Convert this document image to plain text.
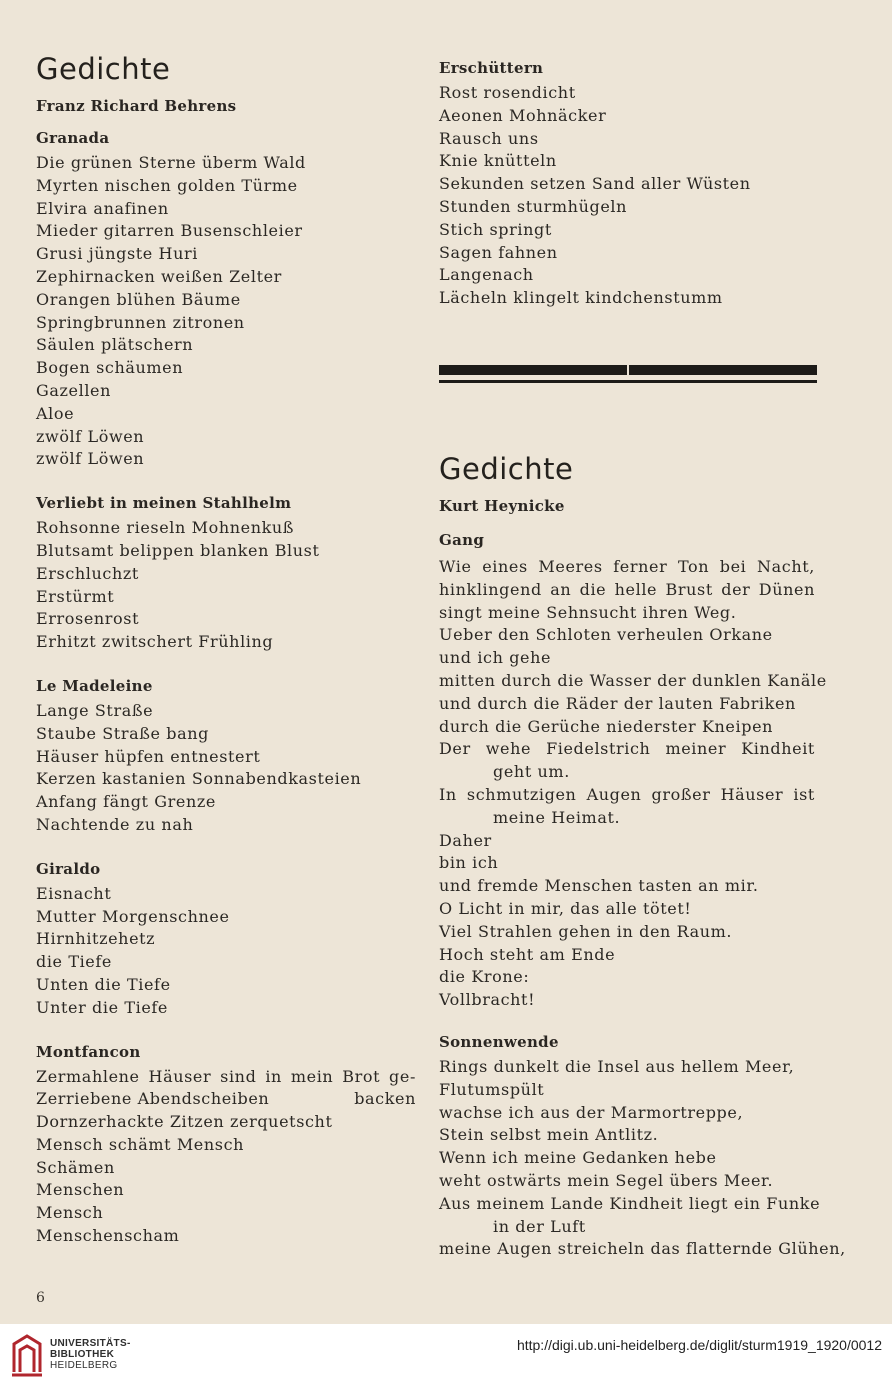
Gedichte
Franz Richard Behrens
Granada
Die grünen Sterne überm Wald
Myrten nischen golden Türme
Elvira anafinen
Mieder gitarren Busenschleier
Grusi jüngste Huri
Zephirnacken weißen Zelter
Orangen blühen Bäume
Springbrunnen zitronen
Säulen plätschern
Bogen schäumen
Gazellen
Aloe
zwölf Löwen
zwölf Löwen
Verliebt in meinen Stahlhelm
Rohsonne rieseln Mohnenkuß
Blutsamt belippen blanken Blust
Erschluchzt
Erstürmt
Errosenrost
Erhitzt zwitschert Frühling
Le Madeleine
Lange Straße
Staube Straße bang
Häuser hüpfen entnestert
Kerzen kastanien Sonnabendkasteien
Anfang fängt Grenze
Nachtende zu nah
Giraldo
Eisnacht
Mutter Morgenschnee
Hirnhitzehetz
die Tiefe
Unten die Tiefe
Unter die Tiefe
Montfancon
Zermahlene Häuser sind in mein Brot ge-
Zerriebene Abendscheiben	backen
Dornzerhackte Zitzen zerquetscht
Mensch schämt Mensch
Schämen
Menschen
Mensch
Menschenscham
Erschüttern
Rost rosendicht
Aeonen Mohnäcker
Rausch uns
Knie knütteln
Sekunden setzen Sand aller Wüsten
Stunden sturmhügeln
Stich springt
Sagen fahnen
Langenach
Lächeln klingelt kindchenstumm
Gedichte
Kurt Heynicke
Gang
Wie eines Meeres ferner Ton bei Nacht,
hinklingend an die helle Brust der Dünen
singt meine Sehnsucht ihren Weg.
Ueber den Schloten verheulen Orkane
und ich gehe
mitten durch die Wasser der dunklen Kanäle
und durch die Räder der lauten Fabriken
durch die Gerüche niederster Kneipen
Der wehe Fiedelstrich meiner Kindheit
geht um.
In schmutzigen Augen großer Häuser ist
meine Heimat.
Daher
bin ich
und fremde Menschen tasten an mir.
O Licht in mir, das alle tötet!
Viel Strahlen gehen in den Raum.
Hoch steht am Ende
die Krone:
Vollbracht!
Sonnenwende
Rings dunkelt die Insel aus hellem Meer,
Flutumspült
wachse ich aus der Marmortreppe,
Stein selbst mein Antlitz.
Wenn ich meine Gedanken hebe
weht ostwärts mein Segel übers Meer.
Aus meinem Lande Kindheit liegt ein Funke
in der Luft
meine Augen streicheln das flatternde Glühen,
6
UNIVERSITÄTS-
BIBLIOTHEK
HEIDELBERG
http://digi.ub.uni-heidelberg.de/diglit/sturm1919_1920/0012
